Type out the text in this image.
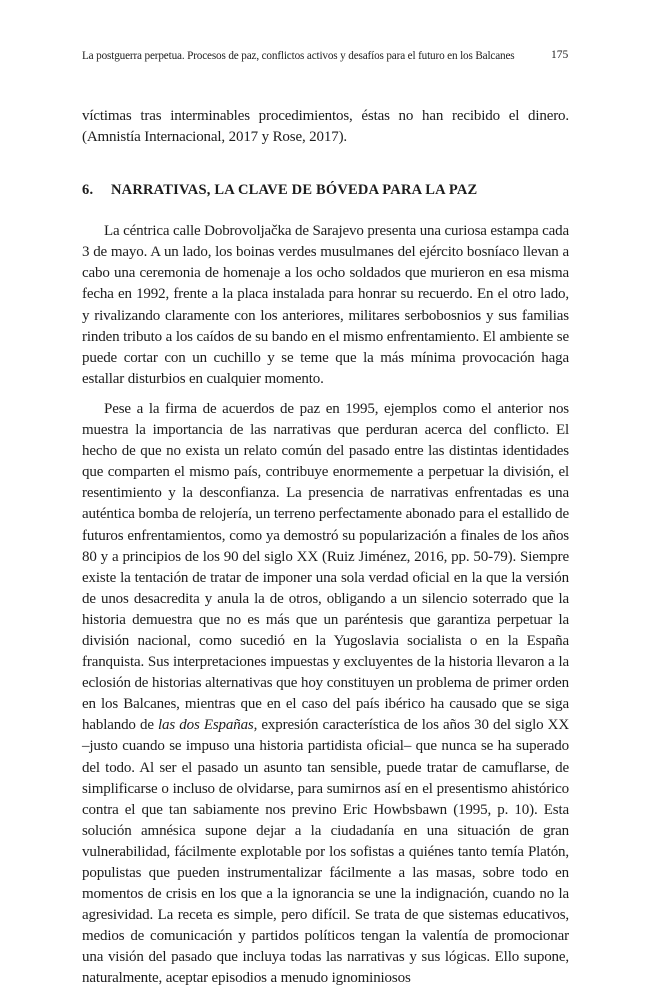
La postguerra perpetua. Procesos de paz, conflictos activos y desafíos para el futuro en los Balcanes	175

víctimas tras interminables procedimientos, éstas no han recibido el dinero. (Amnistía Internacional, 2017 y Rose, 2017).

6. NARRATIVAS, LA CLAVE DE BÓVEDA PARA LA PAZ

La céntrica calle Dobrovoljačka de Sarajevo presenta una curiosa estampa cada 3 de mayo. A un lado, los boinas verdes musulmanes del ejército bosníaco llevan a cabo una ceremonia de homenaje a los ocho soldados que murieron en esa misma fecha en 1992, frente a la placa instalada para honrar su recuerdo. En el otro lado, y rivalizando claramente con los anteriores, militares serbobosnios y sus familias rinden tributo a los caídos de su bando en el mismo enfrentamiento. El ambiente se puede cortar con un cuchillo y se teme que la más mínima provocación haga estallar disturbios en cualquier momento.

Pese a la firma de acuerdos de paz en 1995, ejemplos como el anterior nos muestra la importancia de las narrativas que perduran acerca del conflicto. El hecho de que no exista un relato común del pasado entre las distintas identidades que comparten el mismo país, contribuye enormemente a perpetuar la división, el resentimiento y la desconfianza. La presencia de narrativas enfrentadas es una auténtica bomba de relojería, un terreno perfectamente abonado para el estallido de futuros enfrentamientos, como ya demostró su popularización a finales de los años 80 y a principios de los 90 del siglo XX (Ruiz Jiménez, 2016, pp. 50-79). Siempre existe la tentación de tratar de imponer una sola verdad oficial en la que la versión de unos desacredita y anula la de otros, obligando a un silencio soterrado que la historia demuestra que no es más que un paréntesis que garantiza perpetuar la división nacional, como sucedió en la Yugoslavia socialista o en la España franquista. Sus interpretaciones impuestas y excluyentes de la historia llevaron a la eclosión de historias alternativas que hoy constituyen un problema de primer orden en los Balcanes, mientras que en el caso del país ibérico ha causado que se siga hablando de las dos Españas, expresión característica de los años 30 del siglo XX –justo cuando se impuso una historia partidista oficial– que nunca se ha superado del todo. Al ser el pasado un asunto tan sensible, puede tratar de camuflarse, de simplificarse o incluso de olvidarse, para sumirnos así en el presentismo ahistórico contra el que tan sabiamente nos previno Eric Howbsbawn (1995, p. 10). Esta solución amnésica supone dejar a la ciudadanía en una situación de gran vulnerabilidad, fácilmente explotable por los sofistas a quiénes tanto temía Platón, populistas que pueden instrumentalizar fácilmente a las masas, sobre todo en momentos de crisis en los que a la ignorancia se une la indignación, cuando no la agresividad. La receta es simple, pero difícil. Se trata de que sistemas educativos, medios de comunicación y partidos políticos tengan la valentía de promocionar una visión del pasado que incluya todas las narrativas y sus lógicas. Ello supone, naturalmente, aceptar episodios a menudo ignominiosos
